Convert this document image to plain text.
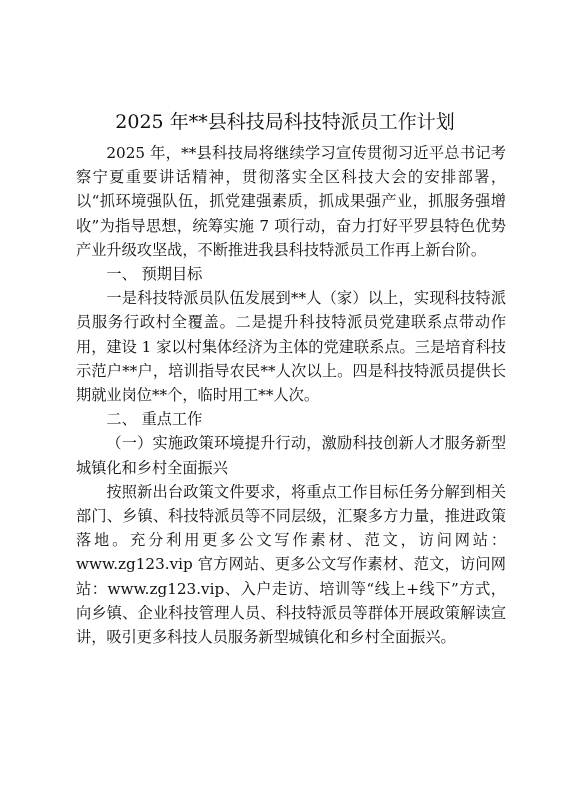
2025 年**县科技局科技特派员工作计划

2025 年，**县科技局将继续学习宣传贯彻习近平总书记考察宁夏重要讲话精神，贯彻落实全区科技大会的安排部署，以“抓环境强队伍，抓党建强素质，抓成果强产业，抓服务强增收”为指导思想，统筹实施 7 项行动，奋力打好平罗县特色优势产业升级攻坚战，不断推进我县科技特派员工作再上新台阶。

一、 预期目标

一是科技特派员队伍发展到**人（家）以上，实现科技特派员服务行政村全覆盖。二是提升科技特派员党建联系点带动作用，建设 1 家以村集体经济为主体的党建联系点。三是培育科技示范户**户，培训指导农民**人次以上。四是科技特派员提供长期就业岗位**个，临时用工**人次。

二、 重点工作

（一）实施政策环境提升行动，激励科技创新人才服务新型城镇化和乡村全面振兴

按照新出台政策文件要求，将重点工作目标任务分解到相关部门、乡镇、科技特派员等不同层级，汇聚多方力量，推进政策落地。充分利用更多公文写作素材、范文，访问网站：www.zg123.vip 官方网站、更多公文写作素材、范文，访问网站：www.zg123.vip、入户走访、培训等“线上+线下”方式，向乡镇、企业科技管理人员、科技特派员等群体开展政策解读宣讲，吸引更多科技人员服务新型城镇化和乡村全面振兴。
